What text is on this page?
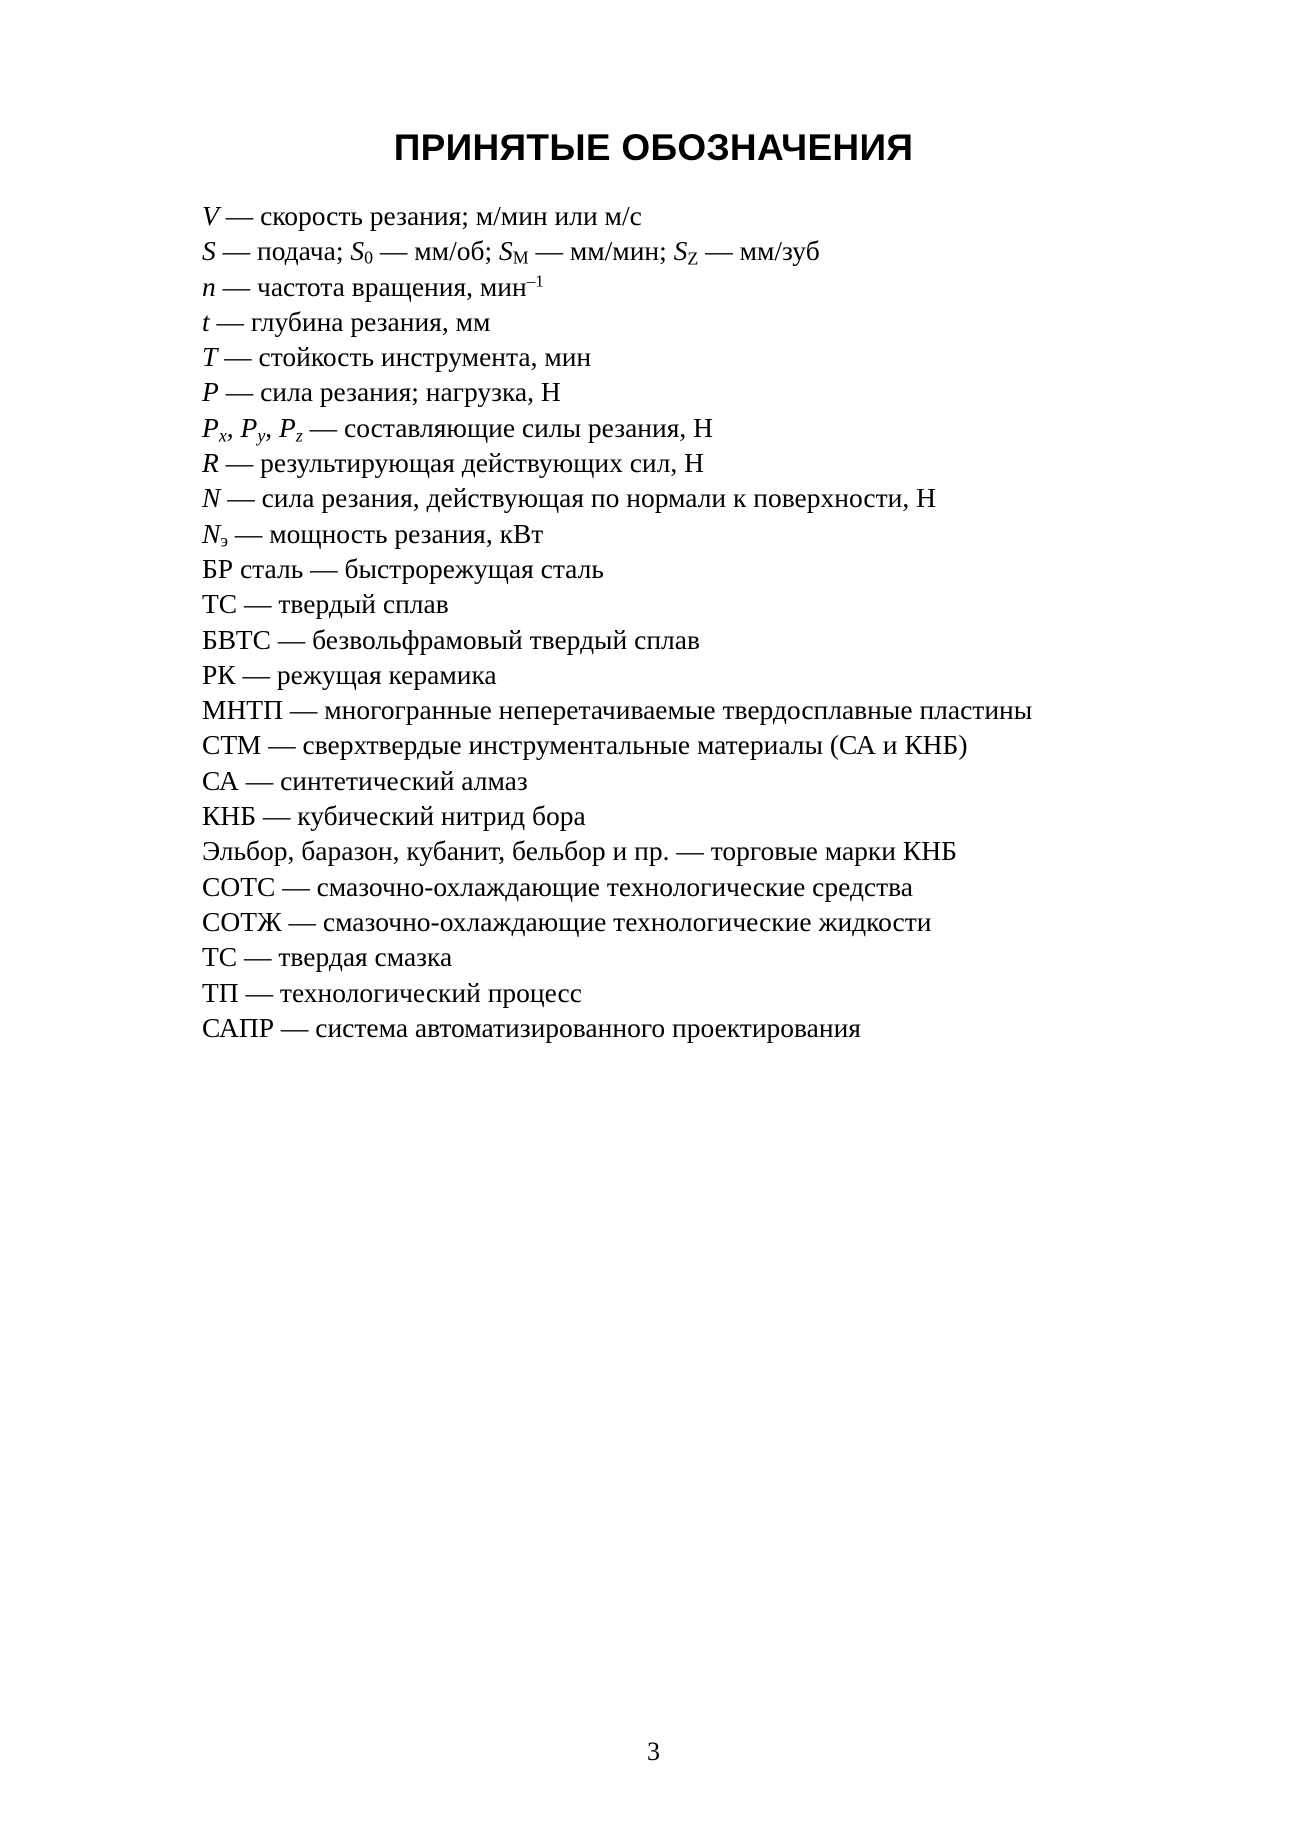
ПРИНЯТЫЕ ОБОЗНАЧЕНИЯ
V — скорость резания; м/мин или м/с
S — подача; S0 — мм/об; SM — мм/мин; $S_Z$ — мм/зуб
n — частота вращения, мин$^{-1}$
t — глубина резания, мм
T — стойкость инструмента, мин
P — сила резания; нагрузка, Н
$P_x$, $P_y$, $P_z$ — составляющие силы резания, Н
R — результирующая действующих сил, Н
N — сила резания, действующая по нормали к поверхности, Н
Nэ — мощность резания, кВт
БР сталь — быстрорежущая сталь
ТС — твердый сплав
БВТС — безвольфрамовый твердый сплав
РК — режущая керамика
МНТП — многогранные неперетачиваемые твердосплавные пластины
СТМ — сверхтвердые инструментальные материалы (СА и КНБ)
СА — синтетический алмаз
КНБ — кубический нитрид бора
Эльбор, баразон, кубанит, бельбор и пр. — торговые марки КНБ
СОТС — смазочно-охлаждающие технологические средства
СОТЖ — смазочно-охлаждающие технологические жидкости
ТС — твердая смазка
ТП — технологический процесс
САПР — система автоматизированного проектирования
3
